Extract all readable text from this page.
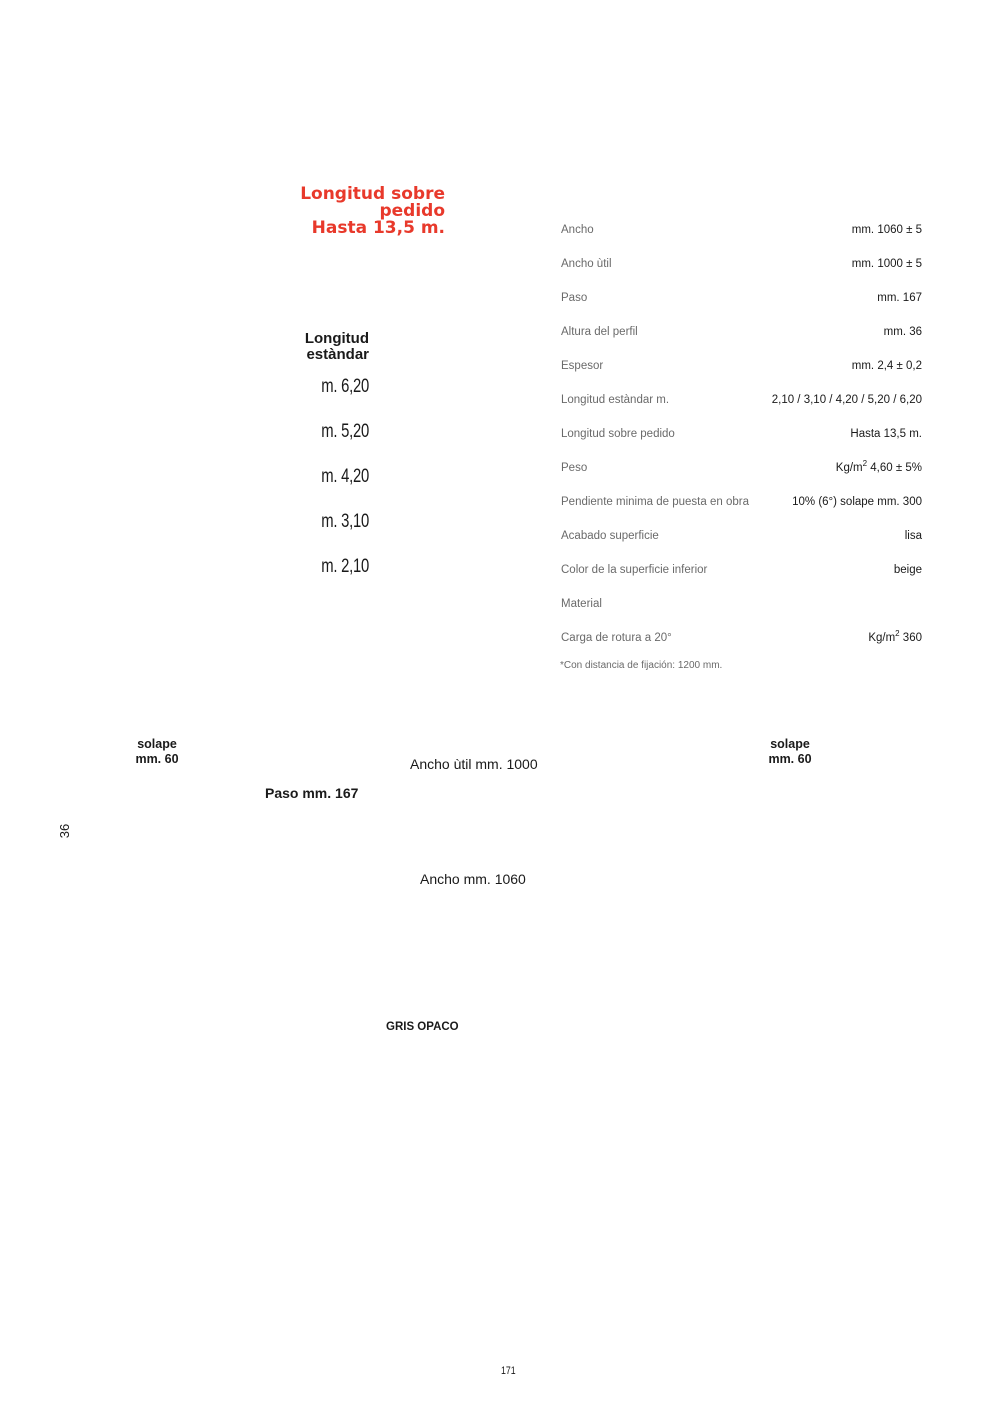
Longitud sobre
pedido
Hasta 13,5 m.
Longitud
estàndar
m. 6,20
m. 5,20
m. 4,20
m. 3,10
m. 2,10
Ancho	mm. 1060 ± 5
Ancho ùtil	mm. 1000 ± 5
Paso	mm. 167
Altura del perfil	mm. 36
Espesor	mm. 2,4 ± 0,2
Longitud estàndar m.	2,10 / 3,10 / 4,20 / 5,20 / 6,20
Longitud sobre pedido	Hasta 13,5 m.
Peso	$Kg/m^2$ 4,60 ± 5%
Pendiente minima de puesta en obra	10% (6°) solape mm. 300
Acabado superficie	lisa
Color de la superficie inferior	beige
Material
Carga de rotura a 20°	$Kg/m^2$ 360
*Con distancia de fijación: 1200 mm.
solape
mm. 60
solape
mm. 60
Ancho ùtil mm. 1000
Paso mm. 167
36
Ancho mm. 1060
GRIS OPACO
171
